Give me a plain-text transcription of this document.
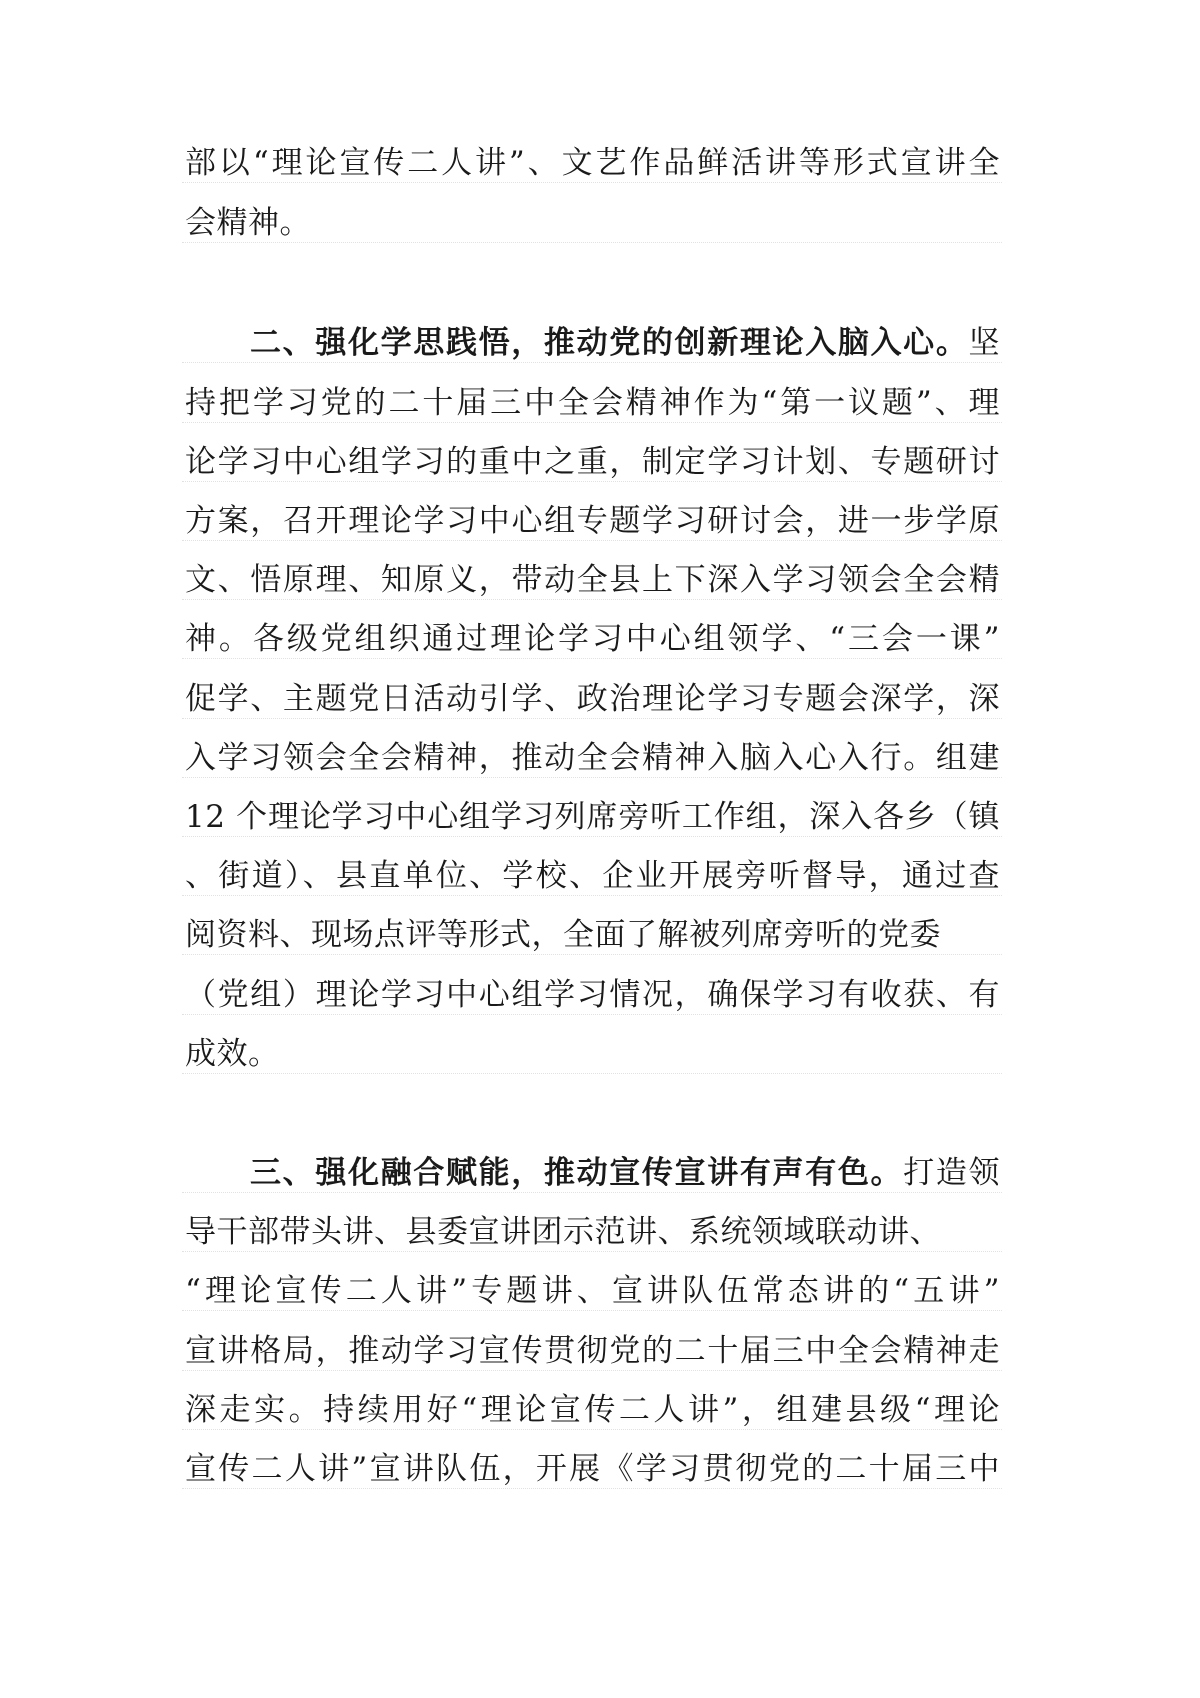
部以“理论宣传二人讲”、文艺作品鲜活讲等形式宣讲全
会精神。
二、强化学思践悟，推动党的创新理论入脑入心。坚
持把学习党的二十届三中全会精神作为“第一议题”、理
论学习中心组学习的重中之重，制定学习计划、专题研讨
方案，召开理论学习中心组专题学习研讨会，进一步学原
文、悟原理、知原义，带动全县上下深入学习领会全会精
神。各级党组织通过理论学习中心组领学、“三会一课”
促学、主题党日活动引学、政治理论学习专题会深学，深
入学习领会全会精神，推动全会精神入脑入心入行。组建
12 个理论学习中心组学习列席旁听工作组，深入各乡（镇
、街道）、县直单位、学校、企业开展旁听督导，通过查
阅资料、现场点评等形式，全面了解被列席旁听的党委
（党组）理论学习中心组学习情况，确保学习有收获、有
成效。
三、强化融合赋能，推动宣传宣讲有声有色。打造领
导干部带头讲、县委宣讲团示范讲、系统领域联动讲、
“理论宣传二人讲”专题讲、宣讲队伍常态讲的“五讲”
宣讲格局，推动学习宣传贯彻党的二十届三中全会精神走
深走实。持续用好“理论宣传二人讲”，组建县级“理论
宣传二人讲”宣讲队伍，开展《学习贯彻党的二十届三中
